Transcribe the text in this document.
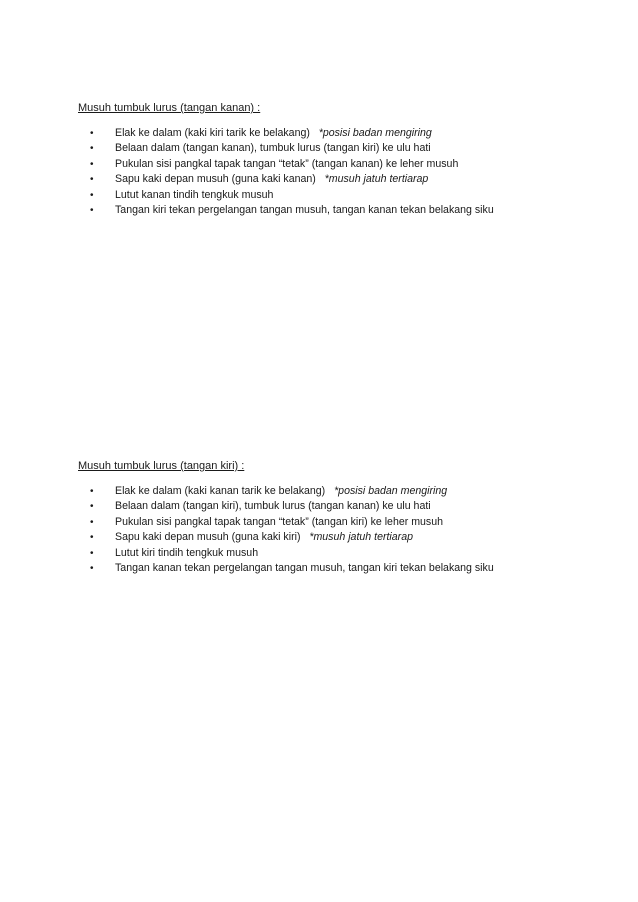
Musuh tumbuk lurus (tangan kanan) :

• Elak ke dalam (kaki kiri tarik ke belakang) *posisi badan mengiring
• Belaan dalam (tangan kanan), tumbuk lurus (tangan kiri) ke ulu hati
• Pukulan sisi pangkal tapak tangan “tetak” (tangan kanan) ke leher musuh
• Sapu kaki depan musuh (guna kaki kanan) *musuh jatuh tertiarap
• Lutut kanan tindih tengkuk musuh
• Tangan kiri tekan pergelangan tangan musuh, tangan kanan tekan belakang siku

Musuh tumbuk lurus (tangan kiri) :

• Elak ke dalam (kaki kanan tarik ke belakang) *posisi badan mengiring
• Belaan dalam (tangan kiri), tumbuk lurus (tangan kanan) ke ulu hati
• Pukulan sisi pangkal tapak tangan “tetak” (tangan kiri) ke leher musuh
• Sapu kaki depan musuh (guna kaki kiri) *musuh jatuh tertiarap
• Lutut kiri tindih tengkuk musuh
• Tangan kanan tekan pergelangan tangan musuh, tangan kiri tekan belakang siku
